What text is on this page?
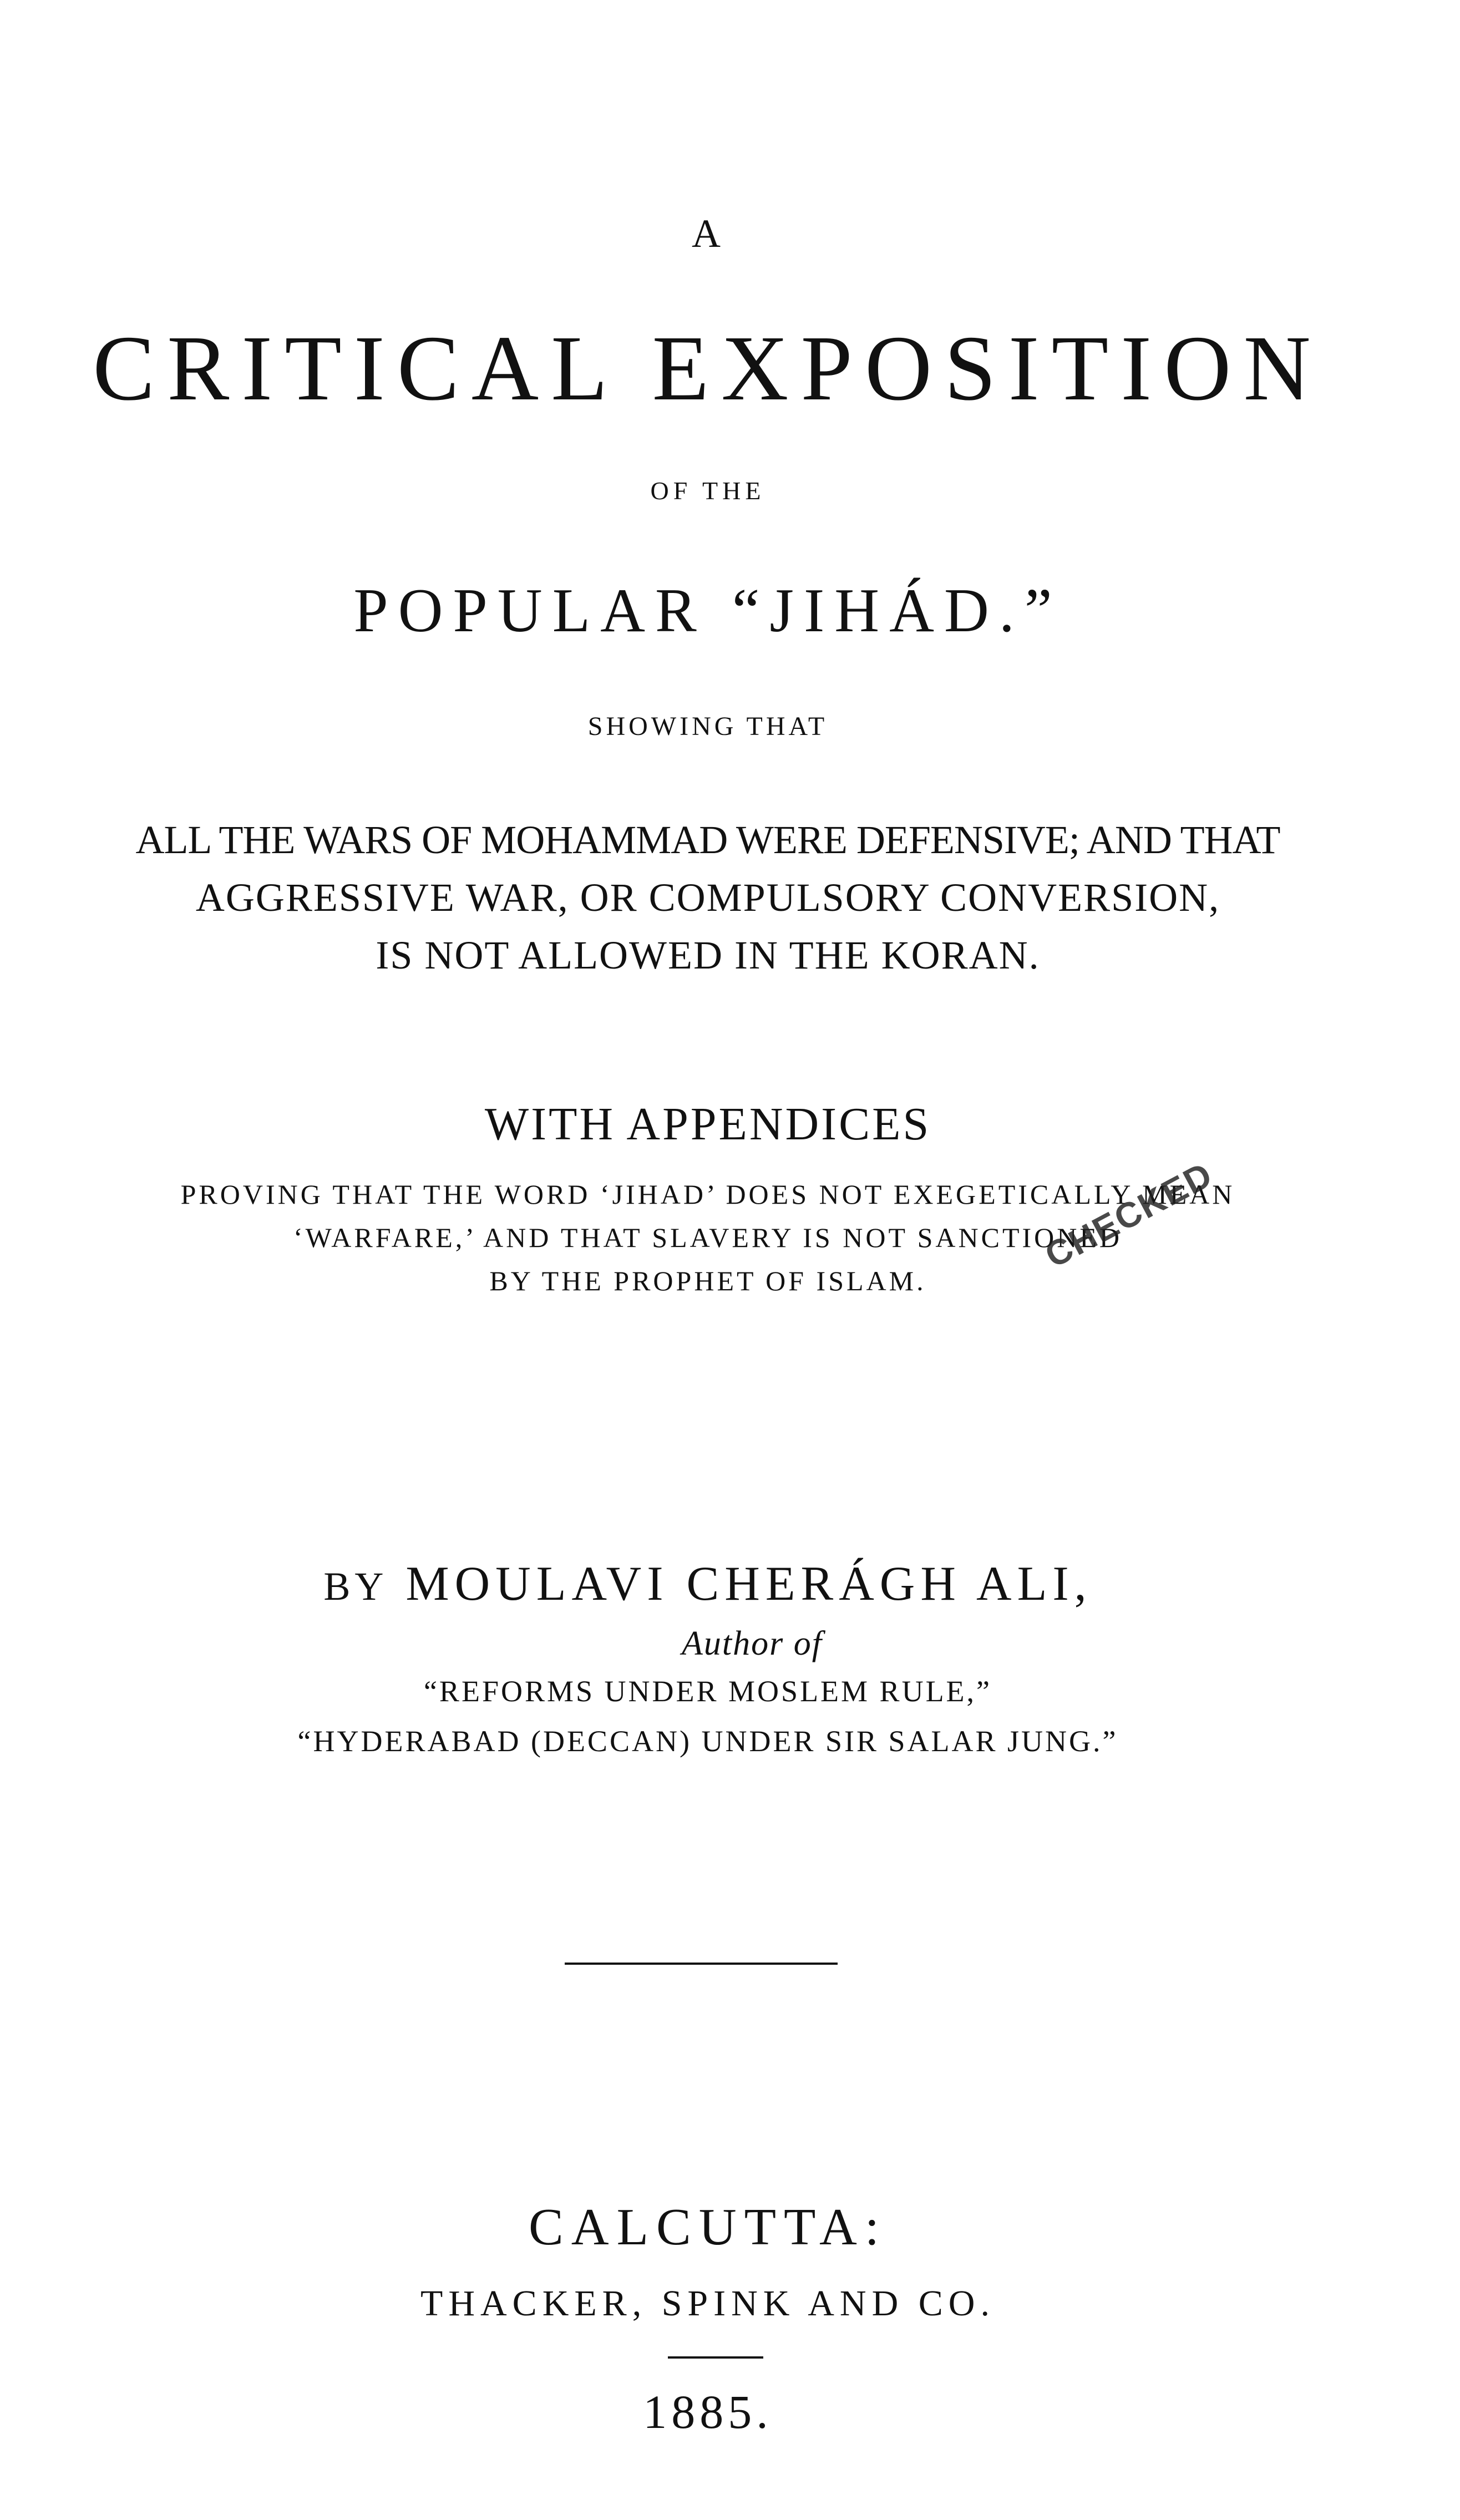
A
CRITICAL EXPOSITION
OF THE
POPULAR “JIHÁD.”
SHOWING THAT
ALL THE WARS OF MOHAMMAD WERE DEFENSIVE; AND THAT
AGGRESSIVE WAR, OR COMPULSORY CONVERSION,
IS NOT ALLOWED IN THE KORAN.
WITH APPENDICES
PROVING THAT THE WORD ‘JIHAD’ DOES NOT EXEGETICALLY MEAN
‘WARFARE,’ AND THAT SLAVERY IS NOT SANCTIONED
BY THE PROPHET OF ISLAM.
BY MOULAVI CHERÁGH ALI,
Author of
“REFORMS UNDER MOSLEM RULE,”
“HYDERABAD (DECCAN) UNDER SIR SALAR JUNG.”
CALCUTTA:
THACKER, SPINK AND CO.
1885.
CHECKED
